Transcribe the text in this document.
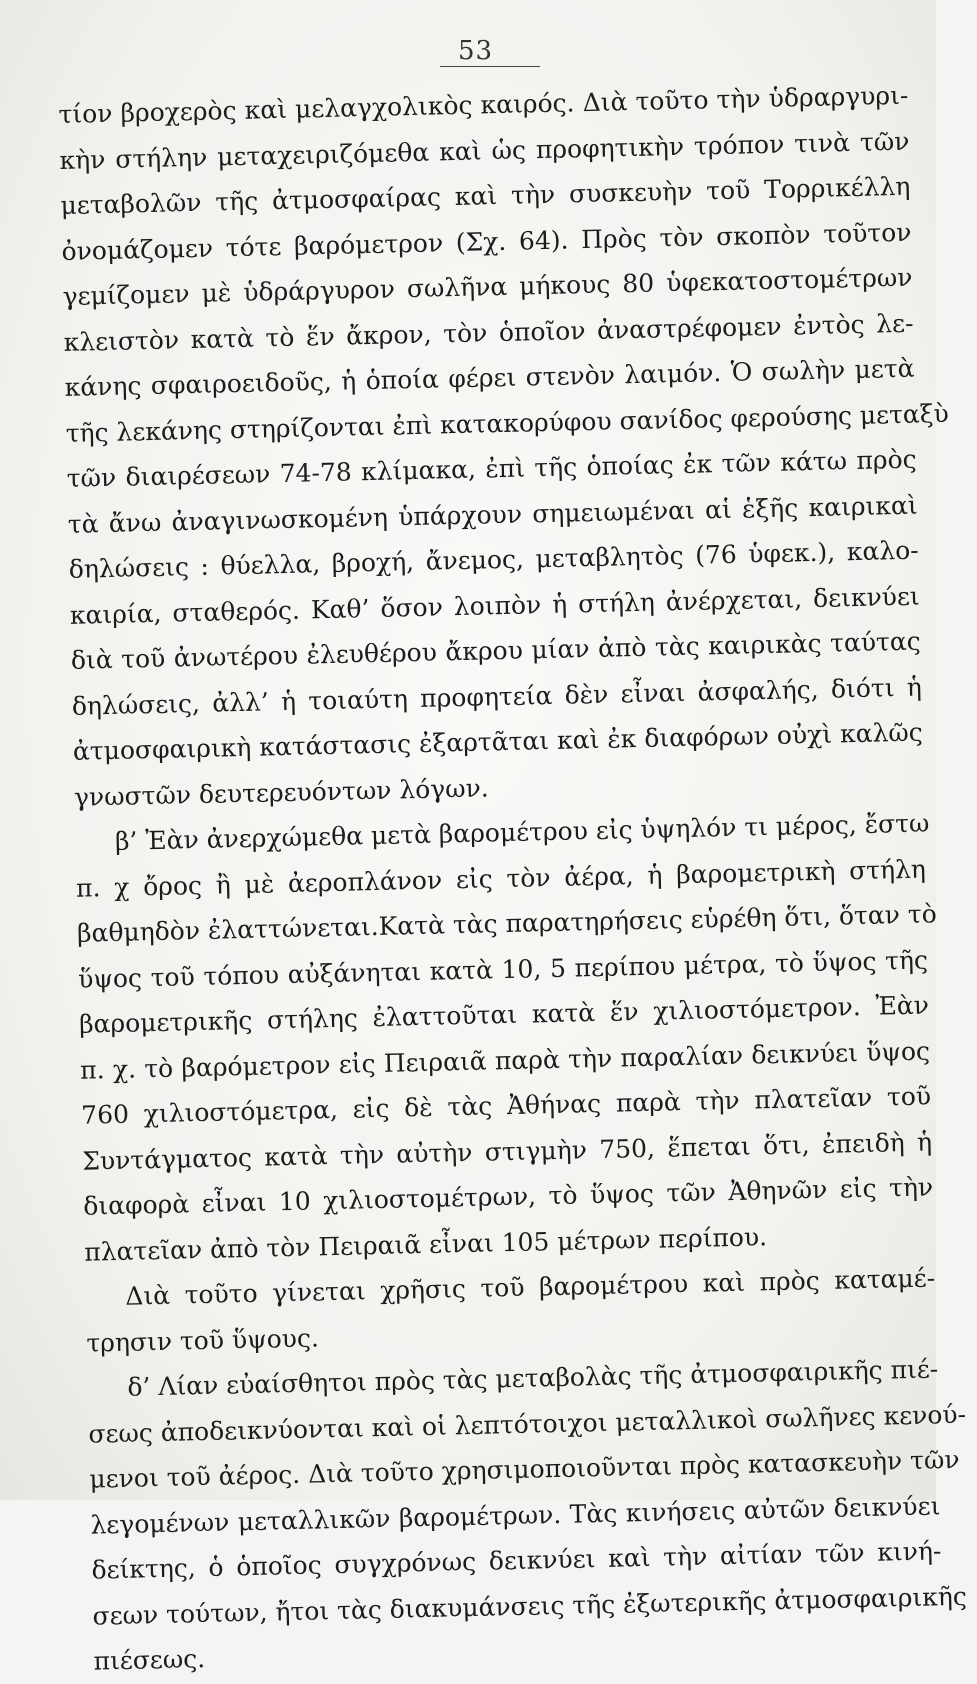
53
τίον βροχερὸς καὶ μελαγχολικὸς καιρός. Διὰ τοῦτο τὴν ὑδραργυρι-
κὴν στήλην μεταχειριζόμεθα καὶ ὡς προφητικὴν τρόπον τινὰ τῶν
μεταβολῶν τῆς ἀτμοσφαίρας καὶ τὴν συσκευὴν τοῦ Τορρικέλλη
ὀνομάζομεν τότε βαρόμετρον (Σχ. 64). Πρὸς τὸν σκοπὸν τοῦτον
γεμίζομεν μὲ ὑδράργυρον σωλῆνα μήκους 80 ὑφεκατοστομέτρων
κλειστὸν κατὰ τὸ ἕν ἄκρον, τὸν ὁποῖον ἀναστρέφομεν ἐντὸς λε-
κάνης σφαιροειδοῦς, ἡ ὁποία φέρει στενὸν λαιμόν. Ὁ σωλὴν μετὰ
τῆς λεκάνης στηρίζονται ἐπὶ κατακορύφου σανίδος φερούσης μεταξὺ
τῶν διαιρέσεων 74-78 κλίμακα, ἐπὶ τῆς ὁποίας ἐκ τῶν κάτω πρὸς
τὰ ἄνω ἀναγινωσκομένη ὑπάρχουν σημειωμέναι αἱ ἑξῆς καιρικαὶ
δηλώσεις : θύελλα, βροχή, ἄνεμος, μεταβλητὸς (76 ὑφεκ.), καλο-
καιρία, σταθερός. Καθ’ ὅσον λοιπὸν ἡ στήλη ἀνέρχεται, δεικνύει
διὰ τοῦ ἀνωτέρου ἐλευθέρου ἄκρου μίαν ἀπὸ τὰς καιρικὰς ταύτας
δηλώσεις, ἀλλ’ ἡ τοιαύτη προφητεία δὲν εἶναι ἀσφαλής, διότι ἡ
ἀτμοσφαιρικὴ κατάστασις ἐξαρτᾶται καὶ ἐκ διαφόρων οὐχὶ καλῶς
γνωστῶν δευτερευόντων λόγων.
β’ Ἐὰν ἀνερχώμεθα μετὰ βαρομέτρου εἰς ὑψηλόν τι μέρος, ἔστω
π. χ ὄρος ἢ μὲ ἀεροπλάνον εἰς τὸν ἀέρα, ἡ βαρομετρικὴ στήλη
βαθμηδὸν ἐλαττώνεται.Κατὰ τὰς παρατηρήσεις εὑρέθη ὅτι, ὅταν τὸ
ὕψος τοῦ τόπου αὐξάνηται κατὰ 10, 5 περίπου μέτρα, τὸ ὕψος τῆς
βαρομετρικῆς στήλης ἐλαττοῦται κατὰ ἕν χιλιοστόμετρον. Ἐὰν
π. χ. τὸ βαρόμετρον εἰς Πειραιᾶ παρὰ τὴν παραλίαν δεικνύει ὕψος
760 χιλιοστόμετρα, εἰς δὲ τὰς Ἀθήνας παρὰ τὴν πλατεῖαν τοῦ
Συντάγματος κατὰ τὴν αὐτὴν στιγμὴν 750, ἕπεται ὅτι, ἐπειδὴ ἡ
διαφορὰ εἶναι 10 χιλιοστομέτρων, τὸ ὕψος τῶν Ἀθηνῶν εἰς τὴν
πλατεῖαν ἀπὸ τὸν Πειραιᾶ εἶναι 105 μέτρων περίπου.
Διὰ τοῦτο γίνεται χρῆσις τοῦ βαρομέτρου καὶ πρὸς καταμέ-
τρησιν τοῦ ὕψους.
δ’ Λίαν εὐαίσθητοι πρὸς τὰς μεταβολὰς τῆς ἀτμοσφαιρικῆς πιέ-
σεως ἀποδεικνύονται καὶ οἱ λεπτότοιχοι μεταλλικοὶ σωλῆνες κενού-
μενοι τοῦ ἀέρος. Διὰ τοῦτο χρησιμοποιοῦνται πρὸς κατασκευὴν τῶν
λεγομένων μεταλλικῶν βαρομέτρων. Τὰς κινήσεις αὐτῶν δεικνύει
δείκτης, ὁ ὁποῖος συγχρόνως δεικνύει καὶ τὴν αἰτίαν τῶν κινή-
σεων τούτων, ἤτοι τὰς διακυμάνσεις τῆς ἐξωτερικῆς ἀτμοσφαιρικῆς
πιέσεως.
